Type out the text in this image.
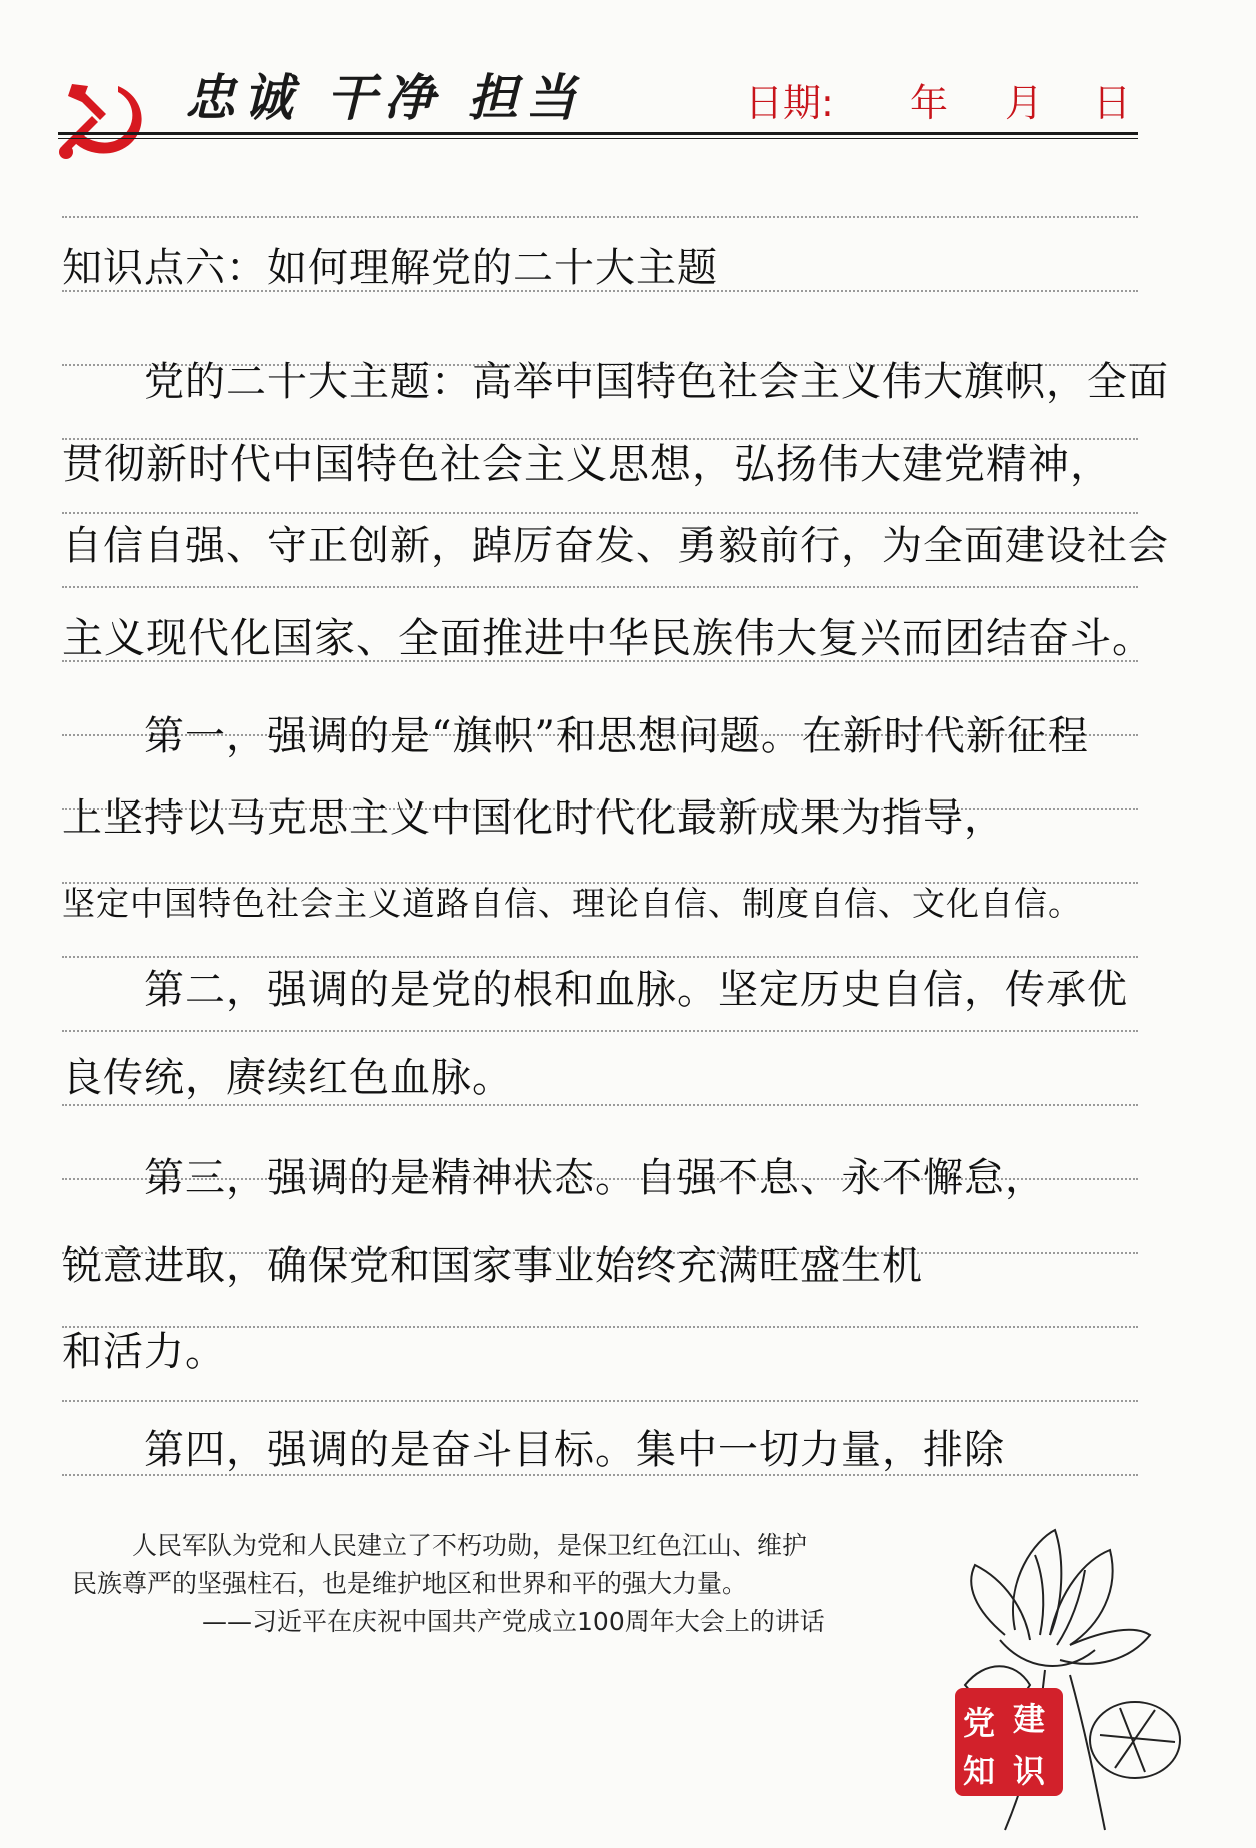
忠诚 干净 担当	日期: 年 月 日
知识点六：如何理解党的二十大主题
　　党的二十大主题：高举中国特色社会主义伟大旗帜，全面
贯彻新时代中国特色社会主义思想，弘扬伟大建党精神，
自信自强、守正创新，踔厉奋发、勇毅前行，为全面建设社会
主义现代化国家、全面推进中华民族伟大复兴而团结奋斗。
　　第一，强调的是“旗帜”和思想问题。在新时代新征程
上坚持以马克思主义中国化时代化最新成果为指导，
坚定中国特色社会主义道路自信、理论自信、制度自信、文化自信。
　　第二，强调的是党的根和血脉。坚定历史自信，传承优
良传统，赓续红色血脉。
　　第三，强调的是精神状态。自强不息、永不懈怠，
锐意进取，确保党和国家事业始终充满旺盛生机
和活力。
　　第四，强调的是奋斗目标。集中一切力量，排除
人民军队为党和人民建立了不朽功勋，是保卫红色江山、维护
民族尊严的坚强柱石，也是维护地区和世界和平的强大力量。
——习近平在庆祝中国共产党成立100周年大会上的讲话
党 建
知 识
